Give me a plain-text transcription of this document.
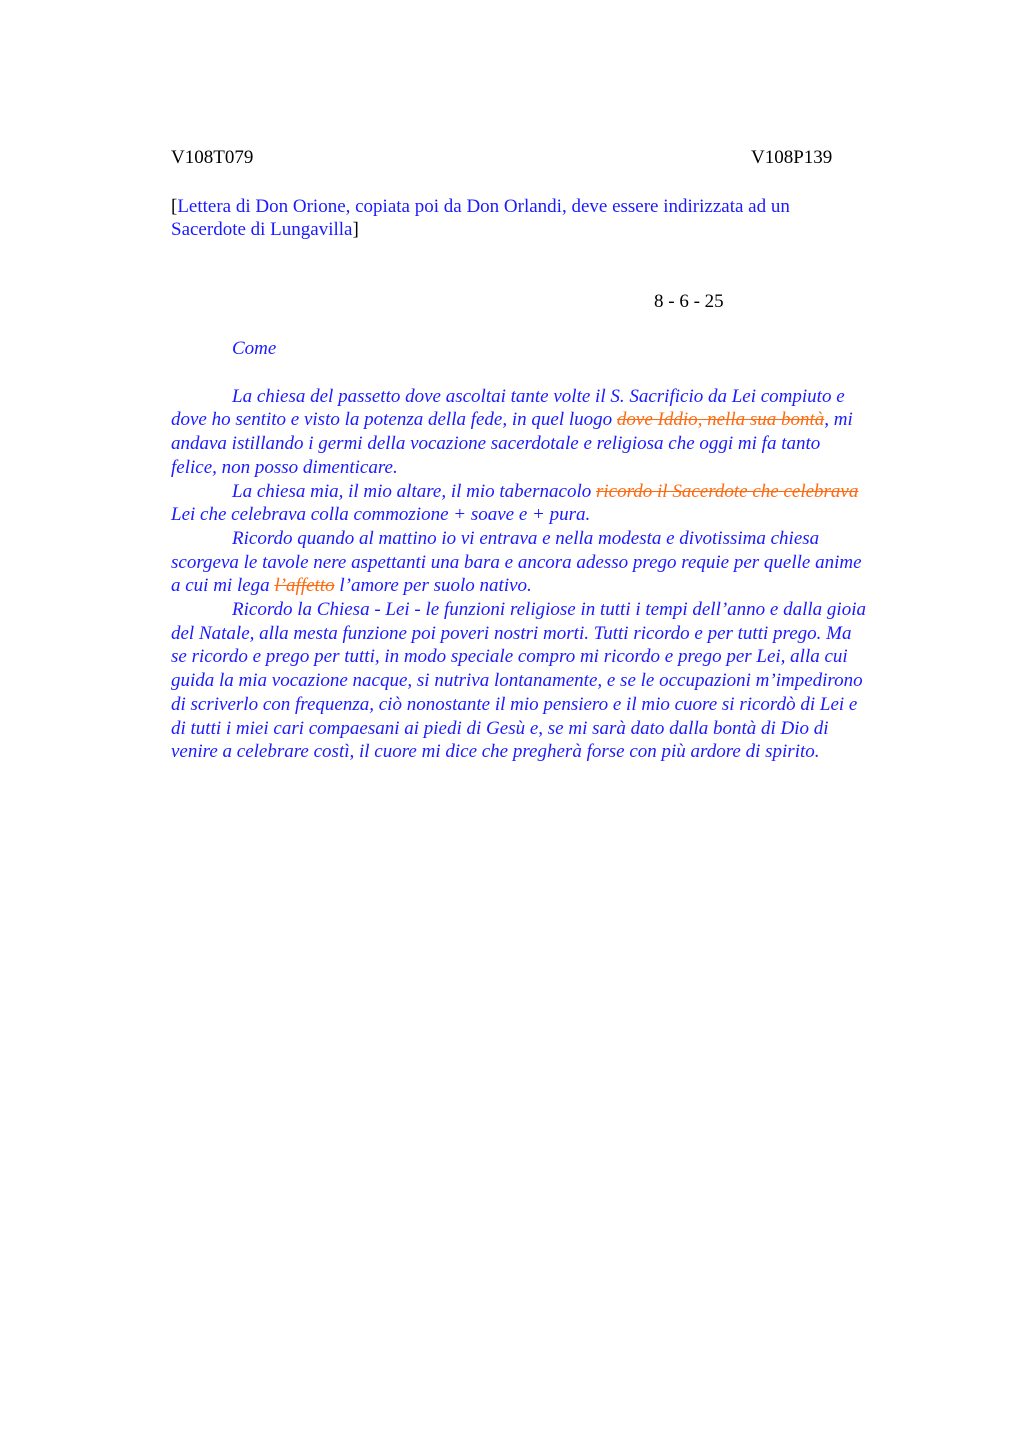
V108T079	V108P139
[Lettera di Don Orione, copiata poi da Don Orlandi, deve essere indirizzata ad un
Sacerdote di Lungavilla]
8 - 6 - 25

Come

La chiesa del passetto dove ascoltai tante volte il S. Sacrificio da Lei compiuto e
dove ho sentito e visto la potenza della fede, in quel luogo dove Iddio, nella sua bontà, mi
andava istillando i germi della vocazione sacerdotale e religiosa che oggi mi fa tanto
felice, non posso dimenticare.

La chiesa mia, il mio altare, il mio tabernacolo ricordo il Sacerdote che celebrava
Lei che celebrava colla commozione + soave e + pura.

Ricordo quando al mattino io vi entrava e nella modesta e divotissima chiesa
scorgeva le tavole nere aspettanti una bara e ancora adesso prego requie per quelle anime
a cui mi lega l’affetto l’amore per suolo nativo.

Ricordo la Chiesa - Lei - le funzioni religiose in tutti i tempi dell’anno e dalla gioia
del Natale, alla mesta funzione poi poveri nostri morti. Tutti ricordo e per tutti prego. Ma
se ricordo e prego per tutti, in modo speciale compro mi ricordo e prego per Lei, alla cui
guida la mia vocazione nacque, si nutriva lontanamente, e se le occupazioni m’impedirono
di scriverlo con frequenza, ciò nonostante il mio pensiero e il mio cuore si ricordò di Lei e
di tutti i miei cari compaesani ai piedi di Gesù e, se mi sarà dato dalla bontà di Dio di
venire a celebrare costì, il cuore mi dice che pregherà forse con più ardore di spirito.
